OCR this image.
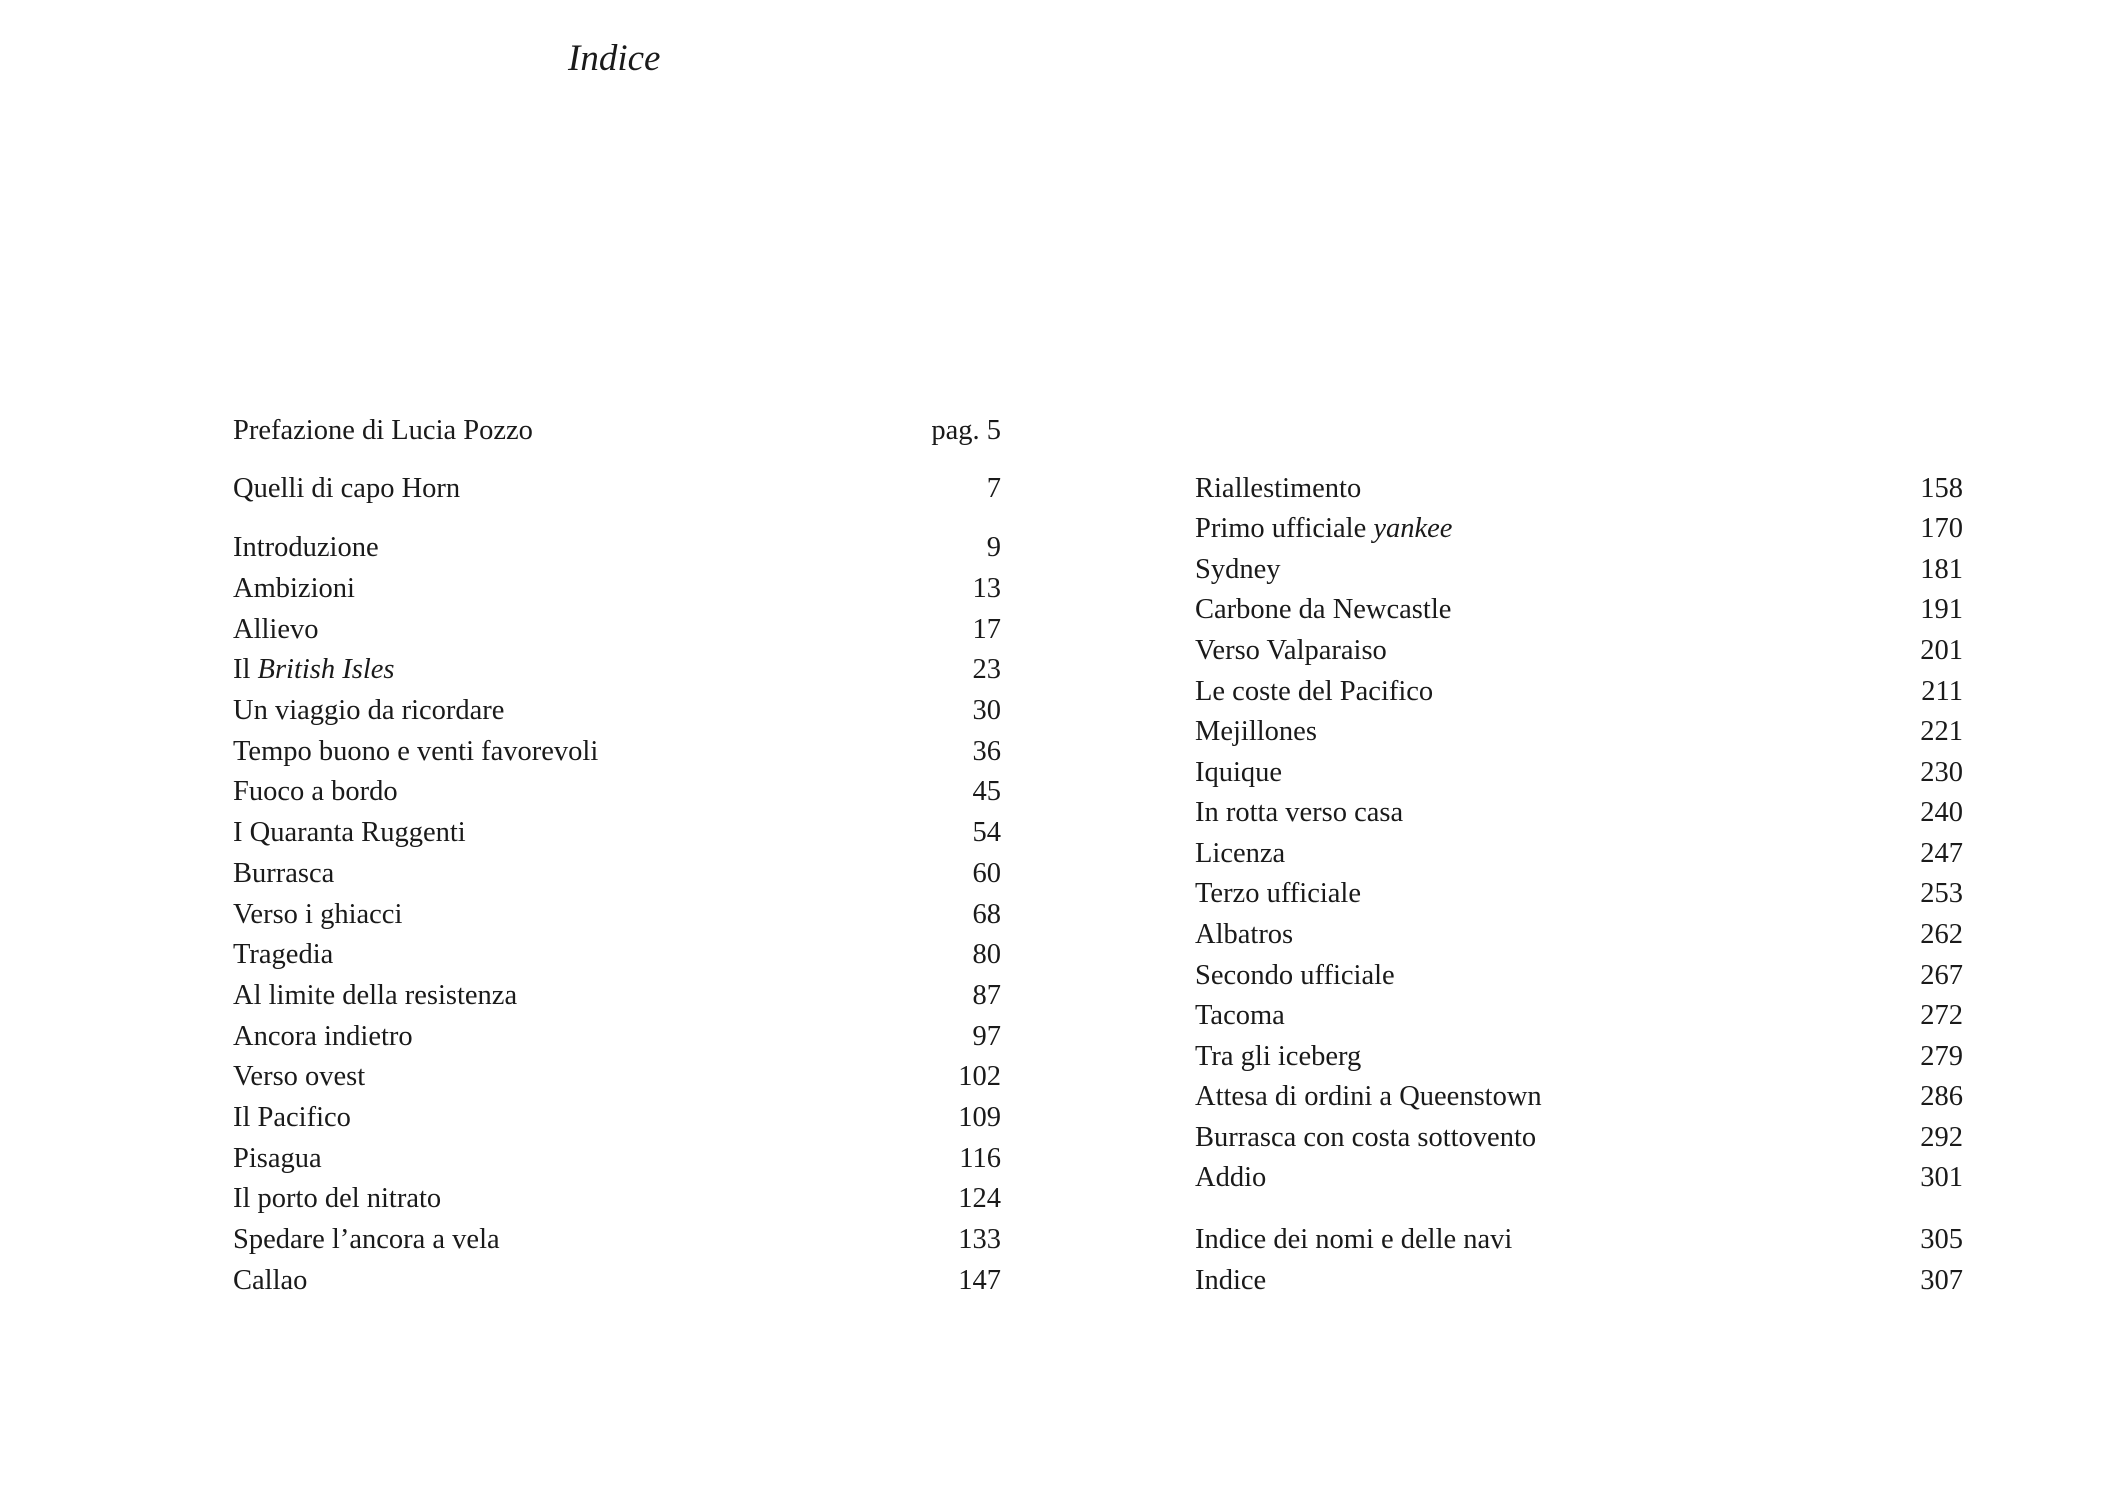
Indice
Prefazione di Lucia Pozzo	pag. 5
Quelli di capo Horn	7
Introduzione	9
Ambizioni	13
Allievo	17
Il British Isles	23
Un viaggio da ricordare	30
Tempo buono e venti favorevoli	36
Fuoco a bordo	45
I Quaranta Ruggenti	54
Burrasca	60
Verso i ghiacci	68
Tragedia	80
Al limite della resistenza	87
Ancora indietro	97
Verso ovest	102
Il Pacifico	109
Pisagua	116
Il porto del nitrato	124
Spedare l’ancora a vela	133
Callao	147
Riallestimento	158
Primo ufficiale yankee	170
Sydney	181
Carbone da Newcastle	191
Verso Valparaiso	201
Le coste del Pacifico	211
Mejillones	221
Iquique	230
In rotta verso casa	240
Licenza	247
Terzo ufficiale	253
Albatros	262
Secondo ufficiale	267
Tacoma	272
Tra gli iceberg	279
Attesa di ordini a Queenstown	286
Burrasca con costa sottovento	292
Addio	301
Indice dei nomi e delle navi	305
Indice	307
